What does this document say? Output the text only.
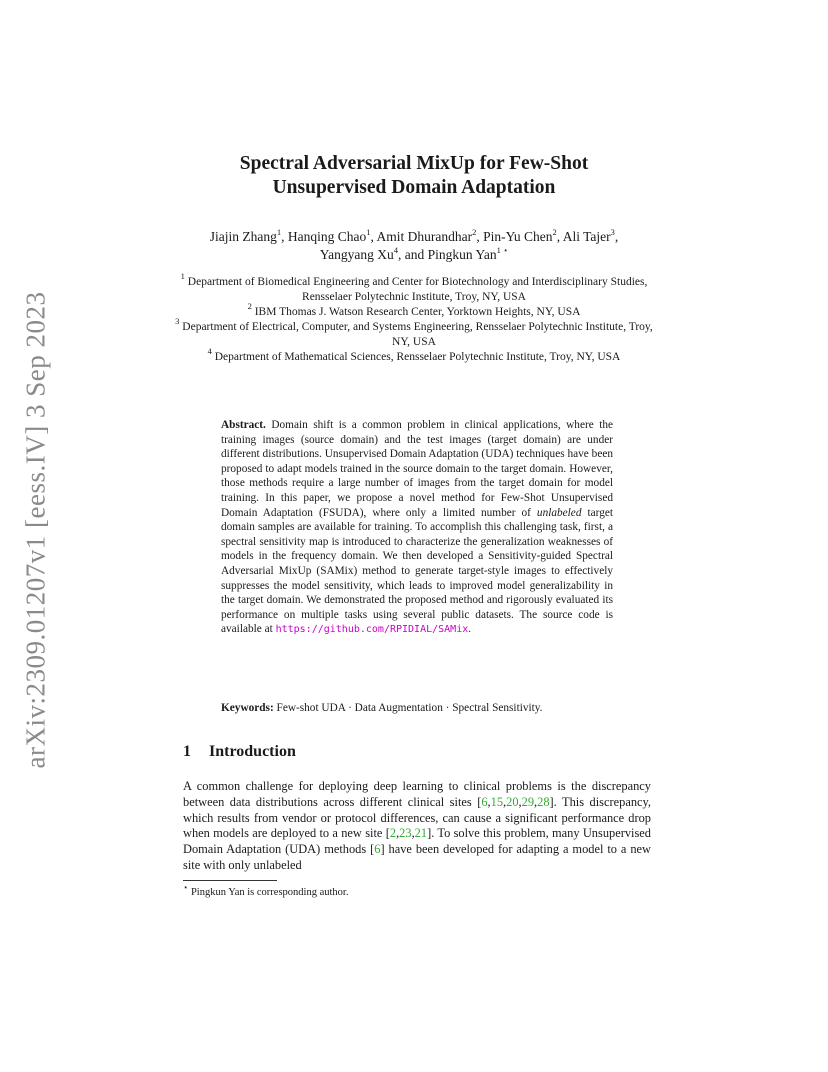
arXiv:2309.01207v1 [eess.IV] 3 Sep 2023
Spectral Adversarial MixUp for Few-Shot
Unsupervised Domain Adaptation
Jiajin Zhang$^1$, Hanqing Chao$^1$, Amit Dhurandhar$^2$, Pin-Yu Chen$^2$, Ali Tajer$^3$,
Yangyang Xu$^4$, and Pingkun Yan$^{1 ⋆}$
$^1$ Department of Biomedical Engineering and Center for Biotechnology and Interdisciplinary Studies, Rensselaer Polytechnic Institute, Troy, NY, USA
$^2$ IBM Thomas J. Watson Research Center, Yorktown Heights, NY, USA
$^3$ Department of Electrical, Computer, and Systems Engineering, Rensselaer Polytechnic Institute, Troy, NY, USA
$^4$ Department of Mathematical Sciences, Rensselaer Polytechnic Institute, Troy, NY, USA
Abstract. Domain shift is a common problem in clinical applications, where the training images (source domain) and the test images (target domain) are under different distributions. Unsupervised Domain Adaptation (UDA) techniques have been proposed to adapt models trained in the source domain to the target domain. However, those methods require a large number of images from the target domain for model training. In this paper, we propose a novel method for Few-Shot Unsupervised Domain Adaptation (FSUDA), where only a limited number of unlabeled target domain samples are available for training. To accomplish this challenging task, first, a spectral sensitivity map is introduced to characterize the generalization weaknesses of models in the frequency domain. We then developed a Sensitivity-guided Spectral Adversarial MixUp (SAMix) method to generate target-style images to effectively suppresses the model sensitivity, which leads to improved model generalizability in the target domain. We demonstrated the proposed method and rigorously evaluated its performance on multiple tasks using several public datasets. The source code is available at https://github.com/RPIDIAL/SAMix.
Keywords: Few-shot UDA · Data Augmentation · Spectral Sensitivity.
1 Introduction
A common challenge for deploying deep learning to clinical problems is the discrepancy between data distributions across different clinical sites [6,15,20,29,28]. This discrepancy, which results from vendor or protocol differences, can cause a significant performance drop when models are deployed to a new site [2,23,21]. To solve this problem, many Unsupervised Domain Adaptation (UDA) methods [6] have been developed for adapting a model to a new site with only unlabeled
⋆ Pingkun Yan is corresponding author.
